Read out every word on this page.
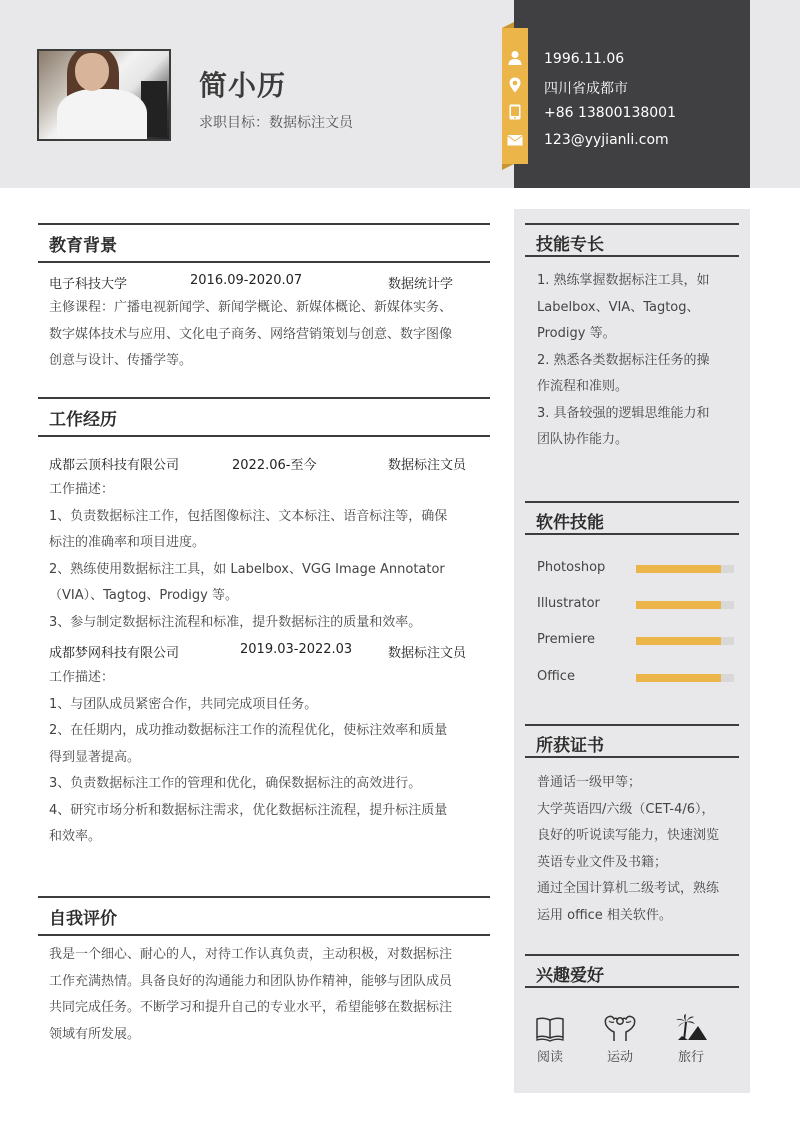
简小历
求职目标：数据标注文员
1996.11.06
四川省成都市
+86 13800138001
123@yyjianli.com
教育背景
电子科技大学	2016.09-2020.07	数据统计学
主修课程：广播电视新闻学、新闻学概论、新媒体概论、新媒体实务、
数字媒体技术与应用、文化电子商务、网络营销策划与创意、数字图像
创意与设计、传播学等。
工作经历
成都云顶科技有限公司	2022.06-至今	数据标注文员
工作描述：
1、负责数据标注工作，包括图像标注、文本标注、语音标注等，确保
标注的准确率和项目进度。
2、熟练使用数据标注工具，如 Labelbox、VGG Image Annotator
（VIA）、Tagtog、Prodigy 等。
3、参与制定数据标注流程和标准，提升数据标注的质量和效率。
成都梦网科技有限公司	2019.03-2022.03	数据标注文员
工作描述：
1、与团队成员紧密合作，共同完成项目任务。
2、在任期内，成功推动数据标注工作的流程优化，使标注效率和质量
得到显著提高。
3、负责数据标注工作的管理和优化，确保数据标注的高效进行。
4、研究市场分析和数据标注需求，优化数据标注流程，提升标注质量
和效率。
自我评价
我是一个细心、耐心的人，对待工作认真负责，主动积极，对数据标注
工作充满热情。具备良好的沟通能力和团队协作精神，能够与团队成员
共同完成任务。不断学习和提升自己的专业水平，希望能够在数据标注
领域有所发展。
技能专长
1. 熟练掌握数据标注工具，如
Labelbox、VIA、Tagtog、
Prodigy 等。
2. 熟悉各类数据标注任务的操
作流程和准则。
3. 具备较强的逻辑思维能力和
团队协作能力。
软件技能
Photoshop
Illustrator
Premiere
Office
所获证书
普通话一级甲等；
大学英语四/六级（CET-4/6），
良好的听说读写能力，快速浏览
英语专业文件及书籍；
通过全国计算机二级考试，熟练
运用 office 相关软件。
兴趣爱好
阅读	运动	旅行
